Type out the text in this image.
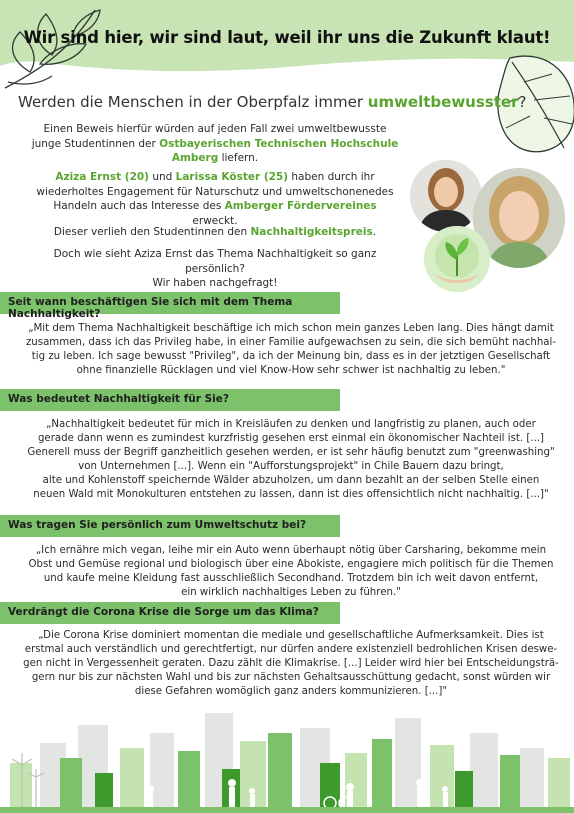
Wir sind hier, wir sind laut, weil ihr uns die Zukunft klaut!
Werden die Menschen in der Oberpfalz immer umweltbewusster?
Einen Beweis hierfür würden auf jeden Fall zwei umweltbewusste
junge Studentinnen der Ostbayerischen Technischen Hochschule
Amberg liefern.
Aziza Ernst (20) und Larissa Köster (25) haben durch ihr
wiederholtes Engagement für Naturschutz und umweltschonenedes
Handeln auch das Interesse des Amberger Fördervereines erweckt.
Dieser verlieh den Studentinnen den Nachhaltigkeitspreis.
Doch wie sieht Aziza Ernst das Thema Nachhaltigkeit so ganz persönlich?
Wir haben nachgefragt!
Seit wann beschäftigen Sie sich mit dem Thema Nachhaltigkeit?
„Mit dem Thema Nachhaltigkeit beschäftige ich mich schon mein ganzes Leben lang. Dies hängt damit
zusammen, dass ich das Privileg habe, in einer Familie aufgewachsen zu sein, die sich bemüht nachhal-
tig zu leben. Ich sage bewusst "Privileg", da ich der Meinung bin, dass es in der jetztigen Gesellschaft
ohne finanzielle Rücklagen und viel Know-How sehr schwer ist nachhaltig zu leben."
Was bedeutet Nachhaltigkeit für Sie?
„Nachhaltigkeit bedeutet für mich in Kreisläufen zu denken und langfristig zu planen, auch oder
gerade dann wenn es zumindest kurzfristig gesehen erst einmal ein ökonomischer Nachteil ist. [...]
Generell muss der Begriff ganzheitlich gesehen werden, er ist sehr häufig benutzt zum "greenwashing"
von Unternehmen [...]. Wenn ein "Aufforstungsprojekt" in Chile Bauern dazu bringt,
alte und Kohlenstoff speichernde Wälder abzuholzen, um dann bezahlt an der selben Stelle einen
neuen Wald mit Monokulturen entstehen zu lassen, dann ist dies offensichtlich nicht nachhaltig. [...]"
Was tragen Sie persönlich zum Umweltschutz bei?
„Ich ernähre mich vegan, leihe mir ein Auto wenn überhaupt nötig über Carsharing, bekomme mein
Obst und Gemüse regional und biologisch über eine Abokiste, engagiere mich politisch für die Themen
und kaufe meine Kleidung fast ausschließlich Secondhand. Trotzdem bin ich weit davon entfernt,
ein wirklich nachhaltiges Leben zu führen."
Verdrängt die Corona Krise die Sorge um das Klima?
„Die Corona Krise dominiert momentan die mediale und gesellschaftliche Aufmerksamkeit. Dies ist
erstmal auch verständlich und gerechtfertigt, nur dürfen andere existenziell bedrohlichen Krisen deswe-
gen nicht in Vergessenheit geraten. Dazu zählt die Klimakrise. [...] Leider wird hier bei Entscheidungsträ-
gern nur bis zur nächsten Wahl und bis zur nächsten Gehaltsausschüttung gedacht, sonst würden wir
diese Gefahren womöglich ganz anders kommunizieren. [...]"
